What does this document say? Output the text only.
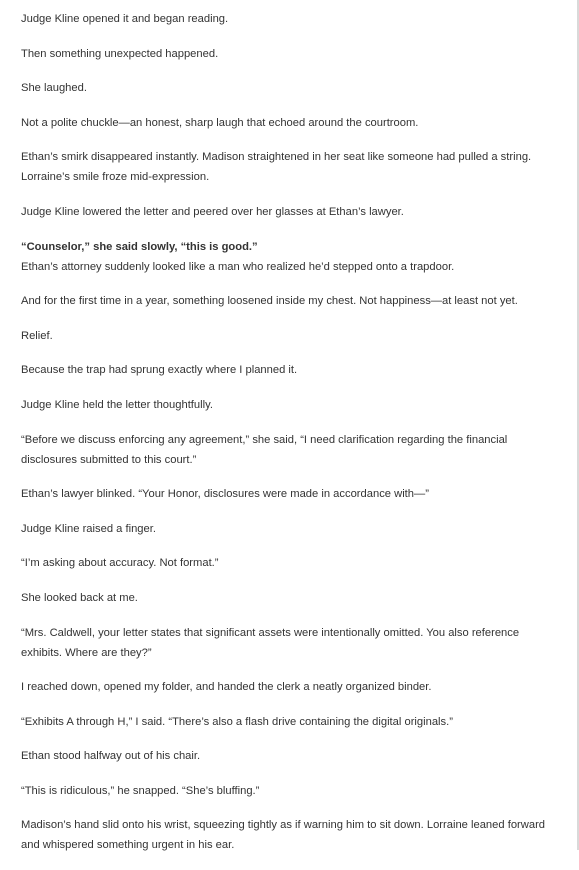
Judge Kline opened it and began reading.

Then something unexpected happened.

She laughed.

Not a polite chuckle—an honest, sharp laugh that echoed around the courtroom.

Ethan’s smirk disappeared instantly. Madison straightened in her seat like someone had pulled a string. Lorraine’s smile froze mid-expression.

Judge Kline lowered the letter and peered over her glasses at Ethan’s lawyer.

“Counselor,” she said slowly, “this is good.”

Ethan’s attorney suddenly looked like a man who realized he’d stepped onto a trapdoor.

And for the first time in a year, something loosened inside my chest. Not happiness—at least not yet.

Relief.

Because the trap had sprung exactly where I planned it.

Judge Kline held the letter thoughtfully.

“Before we discuss enforcing any agreement,” she said, “I need clarification regarding the financial disclosures submitted to this court.”

Ethan’s lawyer blinked. “Your Honor, disclosures were made in accordance with—”

Judge Kline raised a finger.

“I’m asking about accuracy. Not format.”

She looked back at me.

“Mrs. Caldwell, your letter states that significant assets were intentionally omitted. You also reference exhibits. Where are they?”

I reached down, opened my folder, and handed the clerk a neatly organized binder.

“Exhibits A through H,” I said. “There’s also a flash drive containing the digital originals.”

Ethan stood halfway out of his chair.

“This is ridiculous,” he snapped. “She’s bluffing.”

Madison’s hand slid onto his wrist, squeezing tightly as if warning him to sit down. Lorraine leaned forward and whispered something urgent in his ear.
